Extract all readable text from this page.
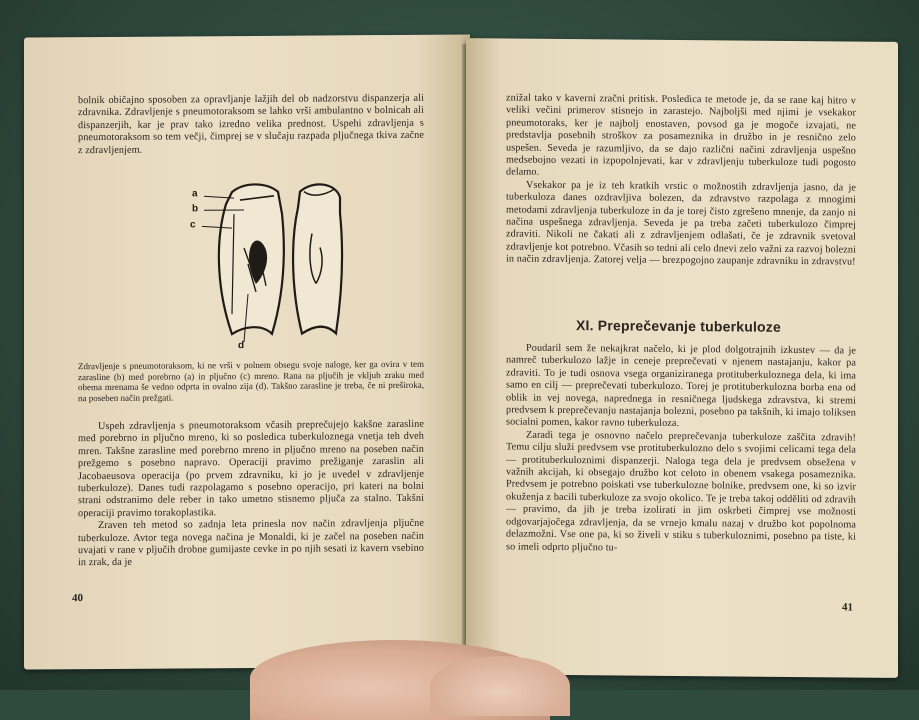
bolnik običajno sposoben za opravljanje lažjih del ob nadzorstvu dispanzerja ali zdravnika. Zdravljenje s pneumotoraksom se lahko vrši ambulantno v bolnicah ali dispanzerjih, kar je prav tako izredno velika prednost. Uspehi zdravljenja s pneumotoraksom so tem večji, čimprej se v slučaju razpada pljučnega tkiva začne z zdravljenjem.

a
b
c
d
Zdravljenje s pneumotoraksom, ki ne vrši v polnem obsegu svoje naloge, ker ga ovira v tem zarasline (b) med porebrno (a) in pljučno (c) mreno. Rana na pljučih je vkljub zraku med obema mrenama še vedno odprta in ovalno zija (d). Takšno zarasline je treba, če ni preširoka, na poseben način prežgati.

Uspeh zdravljenja s pneumotoraksom včasih preprečujejo kakšne zarasline med porebrno in pljučno mreno, ki so posledica tuberkuloznega vnetja teh dveh mren. Takšne zarasline med porebrno mreno in pljučno mreno na poseben način prežgemo s posebno napravo. Operaciji pravimo prežiganje zaraslin ali Jacobaeusova operacija (po prvem zdravniku, ki jo je uvedel v zdravljenje tuberkuloze). Danes tudi razpolagamo s posebno operacijo, pri kateri na bolni strani odstranimo dele reber in tako umetno stisnemo pljuča za stalno. Takšni operaciji pravimo torakoplastika.

Zraven teh metod so zadnja leta prinesla nov način zdravljenja pljučne tuberkuloze. Avtor tega novega načina je Monaldi, ki je začel na poseben način uvajati v rane v pljučih drobne gumijaste cevke in po njih sesati iz kavern vsebino in zrak, da je

40

znižal tako v kaverni zračni pritisk. Posledica te metode je, da se rane kaj hitro v veliki večini primerov stisnejo in zarastejo. Najboljši med njimi je vsekakor pneumotoraks, ker je najbolj enostaven, povsod ga je mogoče izvajati, ne predstavlja posebnih stroškov za posameznika in družbo in je resnično zelo uspešen. Seveda je razumljivo, da se dajo različni načini zdravljenja uspešno medsebojno vezati in izpopolnjevati, kar v zdravljenju tuberkuloze tudi pogosto delamo.

Vsekakor pa je iz teh kratkih vrstic o možnostih zdravljenja jasno, da je tuberkuloza danes ozdravljiva bolezen, da zdravstvo razpolaga z mnogimi metodami zdravljenja tuberkuloze in da je torej čisto zgrešeno mnenje, da zanjo ni načina uspešnega zdravljenja. Seveda je pa treba začeti tuberkulozo čimprej zdraviti. Nikoli ne čakati ali z zdravljenjem odlašati, če je zdravnik svetoval zdravljenje kot potrebno. Včasih so tedni ali celo dnevi zelo važni za razvoj bolezni in način zdravljenja. Zatorej velja — brezpogojno zaupanje zdravniku in zdravstvu!

XI. Preprečevanje tuberkuloze

Poudaril sem že nekajkrat načelo, ki je plod dolgotrajnih izkustev — da je namreč tuberkulozo lažje in ceneje preprečevati v njenem nastajanju, kakor pa zdraviti. To je tudi osnova vsega organiziranega protituberkuloznega dela, ki ima samo en cilj — preprečevati tuberkulozo. Torej je protituberkulozna borba ena od oblik in vej novega, naprednega in resničnega ljudskega zdravstva, ki stremi predvsem k preprečevanju nastajanja bolezni, posebno pa takšnih, ki imajo toliksen socialni pomen, kakor ravno tuberkuloza.

Zaradi tega je osnovno načelo preprečevanja tuberkuloze zaščita zdravih! Temu cilju služi predvsem vse protituberkulozno delo s svojimi celicami tega dela — protituberkuloznimi dispanzerji. Naloga tega dela je predvsem obsežena v važnih akcijah, ki obsegajo družbo kot celoto in obenem vsakega posameznika. Predvsem je potrebno poiskati vse tuberkulozne bolnike, predvsem one, ki so izvir okuženja z bacili tuberkuloze za svojo okolico. Te je treba takoj odděliti od zdravih — pravimo, da jih je treba izolirati in jim oskrbeti čimprej vse možnosti odgovarjajočega zdravljenja, da se vrnejo kmalu nazaj v družbo kot popolnoma delazmožni. Vse one pa, ki so živeli v stiku s tuberkuloznimi, posebno pa tiste, ki so imeli odprto pljučno tu-

41
